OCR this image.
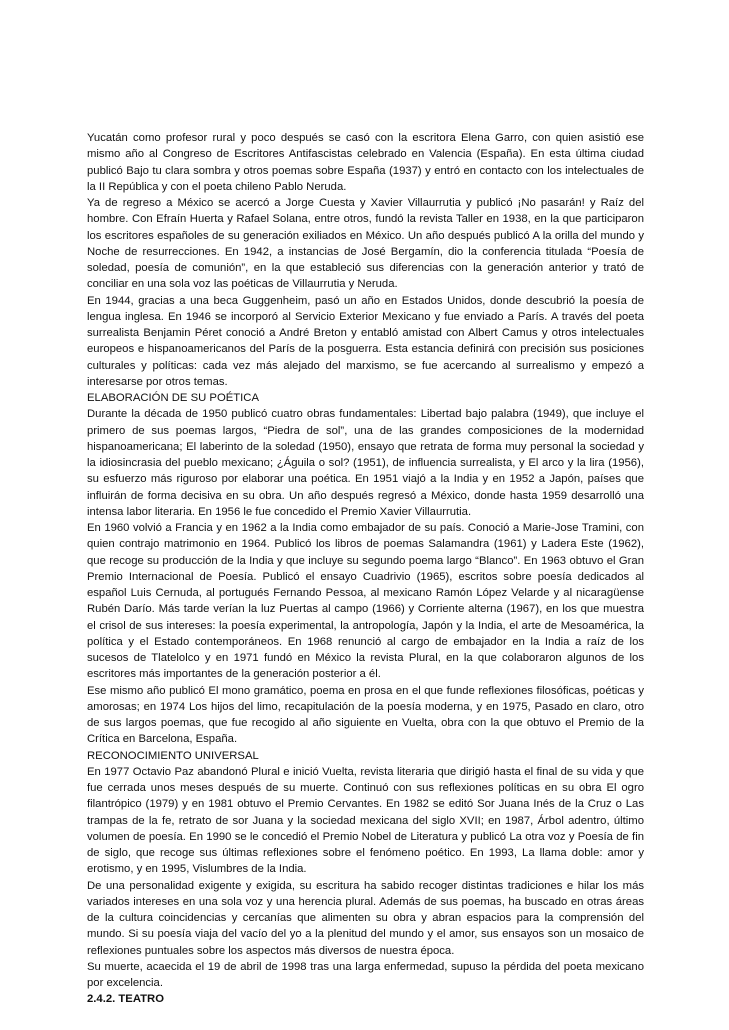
Yucatán como profesor rural y poco después se casó con la escritora Elena Garro, con quien asistió ese mismo año al Congreso de Escritores Antifascistas celebrado en Valencia (España). En esta última ciudad publicó Bajo tu clara sombra y otros poemas sobre España (1937) y entró en contacto con los intelectuales de la II República y con el poeta chileno Pablo Neruda.

Ya de regreso a México se acercó a Jorge Cuesta y Xavier Villaurrutia y publicó ¡No pasarán! y Raíz del hombre. Con Efraín Huerta y Rafael Solana, entre otros, fundó la revista Taller en 1938, en la que participaron los escritores españoles de su generación exiliados en México. Un año después publicó A la orilla del mundo y Noche de resurrecciones. En 1942, a instancias de José Bergamín, dio la conferencia titulada “Poesía de soledad, poesía de comunión”, en la que estableció sus diferencias con la generación anterior y trató de conciliar en una sola voz las poéticas de Villaurrutia y Neruda.

En 1944, gracias a una beca Guggenheim, pasó un año en Estados Unidos, donde descubrió la poesía de lengua inglesa. En 1946 se incorporó al Servicio Exterior Mexicano y fue enviado a París. A través del poeta surrealista Benjamin Péret conoció a André Breton y entabló amistad con Albert Camus y otros intelectuales europeos e hispanoamericanos del París de la posguerra. Esta estancia definirá con precisión sus posiciones culturales y políticas: cada vez más alejado del marxismo, se fue acercando al surrealismo y empezó a interesarse por otros temas.

ELABORACIÓN DE SU POÉTICA

Durante la década de 1950 publicó cuatro obras fundamentales: Libertad bajo palabra (1949), que incluye el primero de sus poemas largos, “Piedra de sol”, una de las grandes composiciones de la modernidad hispanoamericana; El laberinto de la soledad (1950), ensayo que retrata de forma muy personal la sociedad y la idiosincrasia del pueblo mexicano; ¿Águila o sol? (1951), de influencia surrealista, y El arco y la lira (1956), su esfuerzo más riguroso por elaborar una poética. En 1951 viajó a la India y en 1952 a Japón, países que influirán de forma decisiva en su obra. Un año después regresó a México, donde hasta 1959 desarrolló una intensa labor literaria. En 1956 le fue concedido el Premio Xavier Villaurrutia.

En 1960 volvió a Francia y en 1962 a la India como embajador de su país. Conoció a Marie-Jose Tramini, con quien contrajo matrimonio en 1964. Publicó los libros de poemas Salamandra (1961) y Ladera Este (1962), que recoge su producción de la India y que incluye su segundo poema largo “Blanco”. En 1963 obtuvo el Gran Premio Internacional de Poesía. Publicó el ensayo Cuadrivio (1965), escritos sobre poesía dedicados al español Luis Cernuda, al portugués Fernando Pessoa, al mexicano Ramón López Velarde y al nicaragüense Rubén Darío. Más tarde verían la luz Puertas al campo (1966) y Corriente alterna (1967), en los que muestra el crisol de sus intereses: la poesía experimental, la antropología, Japón y la India, el arte de Mesoamérica, la política y el Estado contemporáneos. En 1968 renunció al cargo de embajador en la India a raíz de los sucesos de Tlatelolco y en 1971 fundó en México la revista Plural, en la que colaboraron algunos de los escritores más importantes de la generación posterior a él.

Ese mismo año publicó El mono gramático, poema en prosa en el que funde reflexiones filosóficas, poéticas y amorosas; en 1974 Los hijos del limo, recapitulación de la poesía moderna, y en 1975, Pasado en claro, otro de sus largos poemas, que fue recogido al año siguiente en Vuelta, obra con la que obtuvo el Premio de la Crítica en Barcelona, España.

RECONOCIMIENTO UNIVERSAL

En 1977 Octavio Paz abandonó Plural e inició Vuelta, revista literaria que dirigió hasta el final de su vida y que fue cerrada unos meses después de su muerte. Continuó con sus reflexiones políticas en su obra El ogro filantrópico (1979) y en 1981 obtuvo el Premio Cervantes. En 1982 se editó Sor Juana Inés de la Cruz o Las trampas de la fe, retrato de sor Juana y la sociedad mexicana del siglo XVII; en 1987, Árbol adentro, último volumen de poesía. En 1990 se le concedió el Premio Nobel de Literatura y publicó La otra voz y Poesía de fin de siglo, que recoge sus últimas reflexiones sobre el fenómeno poético. En 1993, La llama doble: amor y erotismo, y en 1995, Vislumbres de la India.

De una personalidad exigente y exigida, su escritura ha sabido recoger distintas tradiciones e hilar los más variados intereses en una sola voz y una herencia plural. Además de sus poemas, ha buscado en otras áreas de la cultura coincidencias y cercanías que alimenten su obra y abran espacios para la comprensión del mundo. Si su poesía viaja del vacío del yo a la plenitud del mundo y el amor, sus ensayos son un mosaico de reflexiones puntuales sobre los aspectos más diversos de nuestra época.

Su muerte, acaecida el 19 de abril de 1998 tras una larga enfermedad, supuso la pérdida del poeta mexicano por excelencia.

2.4.2. TEATRO
